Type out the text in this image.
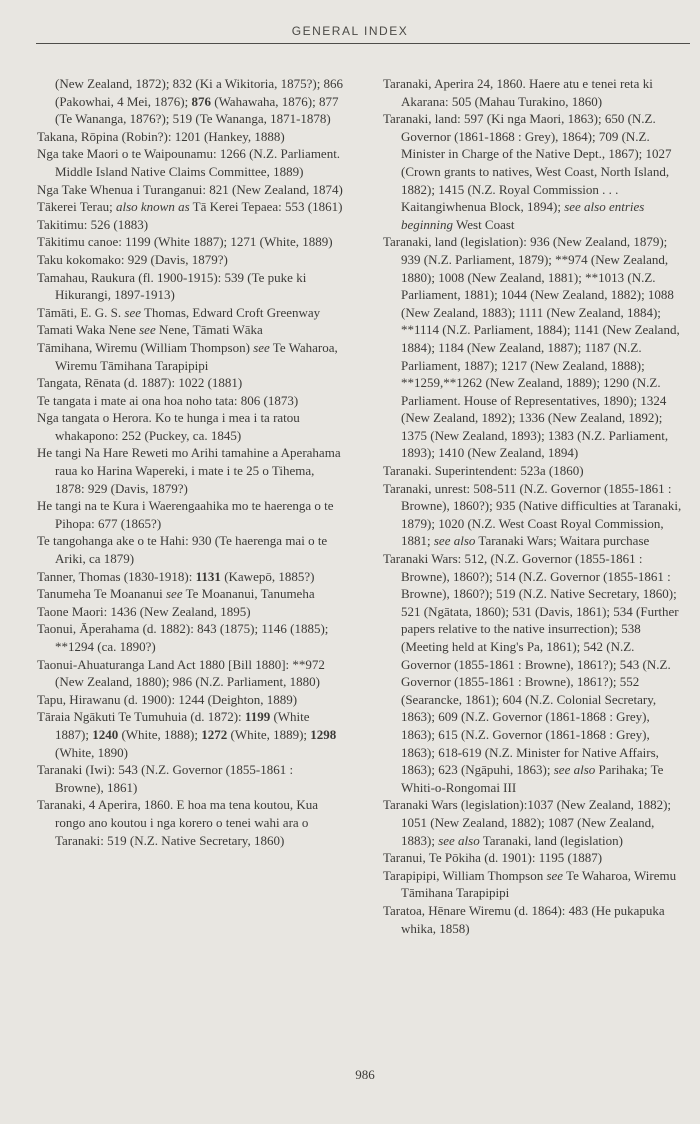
GENERAL INDEX

(New Zealand, 1872); 832 (Ki a Wikitoria, 1875?); 866 (Pakowhai, 4 Mei, 1876); 876 (Wahawaha, 1876); 877 (Te Wananga, 1876?); 519 (Te Wananga, 1871-1878)

Takana, Rōpina (Robin?): 1201 (Hankey, 1888)

Nga take Maori o te Waipounamu: 1266 (N.Z. Parliament. Middle Island Native Claims Committee, 1889)

Nga Take Whenua i Turanganui: 821 (New Zealand, 1874)

Tākerei Terau; also known as Tā Kerei Tepaea: 553 (1861)

Takitimu: 526 (1883)

Tākitimu canoe: 1199 (White 1887); 1271 (White, 1889)

Taku kokomako: 929 (Davis, 1879?)

Tamahau, Raukura (fl. 1900-1915): 539 (Te puke ki Hikurangi, 1897-1913)

Tāmāti, E. G. S. see Thomas, Edward Croft Greenway

Tamati Waka Nene see Nene, Tāmati Wāka

Tāmihana, Wiremu (William Thompson) see Te Waharoa, Wiremu Tāmihana Tarapipipi

Tangata, Rēnata (d. 1887): 1022 (1881)

Te tangata i mate ai ona hoa noho tata: 806 (1873)

Nga tangata o Herora. Ko te hunga i mea i ta ratou whakapono: 252 (Puckey, ca. 1845)

He tangi Na Hare Reweti mo Arihi tamahine a Aperahama raua ko Harina Wapereki, i mate i te 25 o Tihema, 1878: 929 (Davis, 1879?)

He tangi na te Kura i Waerengaahika mo te haerenga o te Pihopa: 677 (1865?)

Te tangohanga ake o te Hahi: 930 (Te haerenga mai o te Ariki, ca 1879)

Tanner, Thomas (1830-1918): 1131 (Kawepō, 1885?)

Tanumeha Te Moananui see Te Moananui, Tanumeha

Taone Maori: 1436 (New Zealand, 1895)

Taonui, Āperahama (d. 1882): 843 (1875); 1146 (1885); **1294 (ca. 1890?)

Taonui-Ahuaturanga Land Act 1880 [Bill 1880]: **972 (New Zealand, 1880); 986 (N.Z. Parliament, 1880)

Tapu, Hirawanu (d. 1900): 1244 (Deighton, 1889)

Tāraia Ngākuti Te Tumuhuia (d. 1872): 1199 (White 1887); 1240 (White, 1888); 1272 (White, 1889); 1298 (White, 1890)

Taranaki (Iwi): 543 (N.Z. Governor (1855-1861 : Browne), 1861)

Taranaki, 4 Aperira, 1860. E hoa ma tena koutou, Kua rongo ano koutou i nga korero o tenei wahi ara o Taranaki: 519 (N.Z. Native Secretary, 1860)

Taranaki, Aperira 24, 1860. Haere atu e tenei reta ki Akarana: 505 (Mahau Turakino, 1860)

Taranaki, land: 597 (Ki nga Maori, 1863); 650 (N.Z. Governor (1861-1868 : Grey), 1864); 709 (N.Z. Minister in Charge of the Native Dept., 1867); 1027 (Crown grants to natives, West Coast, North Island, 1882); 1415 (N.Z. Royal Commission . . . Kaitangiwhenua Block, 1894); see also entries beginning West Coast

Taranaki, land (legislation): 936 (New Zealand, 1879); 939 (N.Z. Parliament, 1879); **974 (New Zealand, 1880); 1008 (New Zealand, 1881); **1013 (N.Z. Parliament, 1881); 1044 (New Zealand, 1882); 1088 (New Zealand, 1883); 1111 (New Zealand, 1884); **1114 (N.Z. Parliament, 1884); 1141 (New Zealand, 1884); 1184 (New Zealand, 1887); 1187 (N.Z. Parliament, 1887); 1217 (New Zealand, 1888); **1259,**1262 (New Zealand, 1889); 1290 (N.Z. Parliament. House of Representatives, 1890); 1324 (New Zealand, 1892); 1336 (New Zealand, 1892); 1375 (New Zealand, 1893); 1383 (N.Z. Parliament, 1893); 1410 (New Zealand, 1894)

Taranaki. Superintendent: 523a (1860)

Taranaki, unrest: 508-511 (N.Z. Governor (1855-1861 : Browne), 1860?); 935 (Native difficulties at Taranaki, 1879); 1020 (N.Z. West Coast Royal Commission, 1881; see also Taranaki Wars; Waitara purchase

Taranaki Wars: 512, (N.Z. Governor (1855-1861 : Browne), 1860?); 514 (N.Z. Governor (1855-1861 : Browne), 1860?); 519 (N.Z. Native Secretary, 1860); 521 (Ngātata, 1860); 531 (Davis, 1861); 534 (Further papers relative to the native insurrection); 538 (Meeting held at King's Pa, 1861); 542 (N.Z. Governor (1855-1861 : Browne), 1861?); 543 (N.Z. Governor (1855-1861 : Browne), 1861?); 552 (Searancke, 1861); 604 (N.Z. Colonial Secretary, 1863); 609 (N.Z. Governor (1861-1868 : Grey), 1863); 615 (N.Z. Governor (1861-1868 : Grey), 1863); 618-619 (N.Z. Minister for Native Affairs, 1863); 623 (Ngāpuhi, 1863); see also Parihaka; Te Whiti-o-Rongomai III

Taranaki Wars (legislation):1037 (New Zealand, 1882); 1051 (New Zealand, 1882); 1087 (New Zealand, 1883); see also Taranaki, land (legislation)

Taranui, Te Pōkiha (d. 1901): 1195 (1887)

Tarapipipi, William Thompson see Te Waharoa, Wiremu Tāmihana Tarapipipi

Taratoa, Hēnare Wiremu (d. 1864): 483 (He pukapuka whika, 1858)

986
